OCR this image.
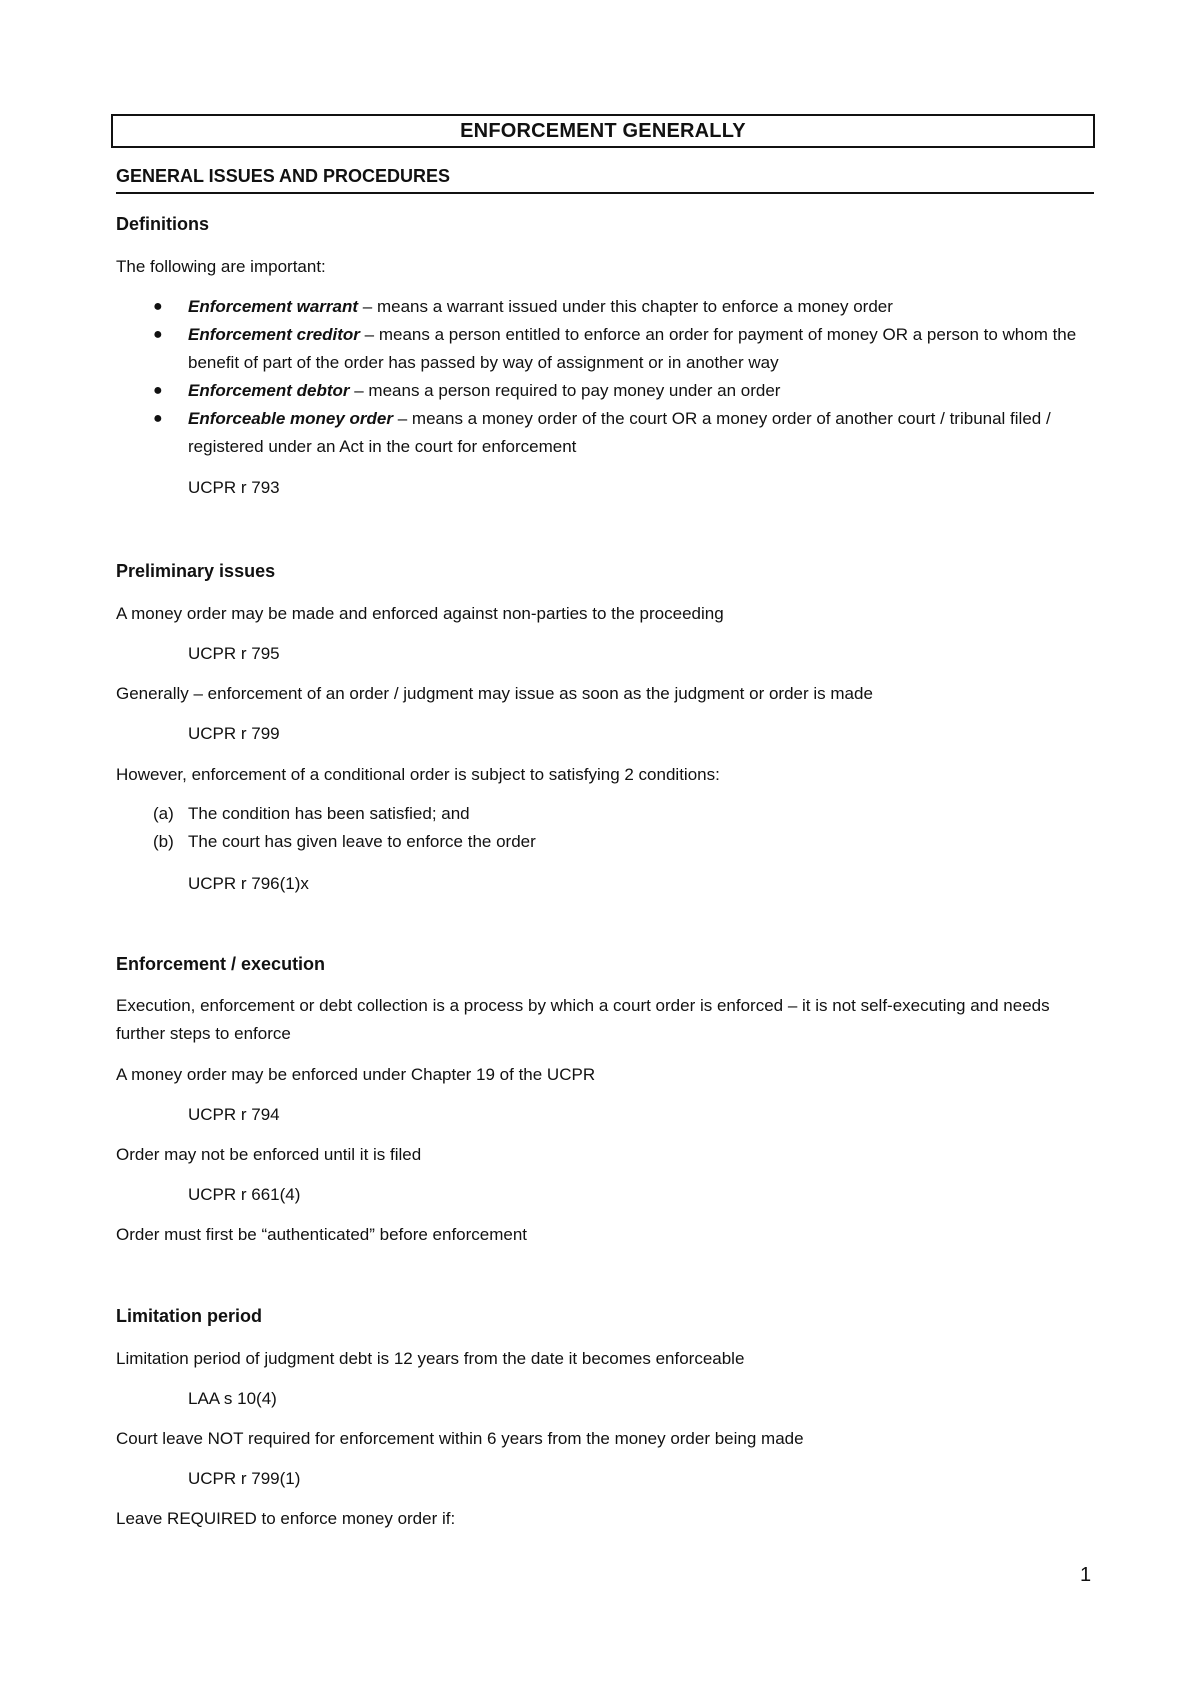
ENFORCEMENT GENERALLY
GENERAL ISSUES AND PROCEDURES
Definitions
The following are important:
● Enforcement warrant – means a warrant issued under this chapter to enforce a money order
● Enforcement creditor – means a person entitled to enforce an order for payment of money OR a person to whom the benefit of part of the order has passed by way of assignment or in another way
● Enforcement debtor – means a person required to pay money under an order
● Enforceable money order – means a money order of the court OR a money order of another court / tribunal filed / registered under an Act in the court for enforcement
UCPR r 793
Preliminary issues
A money order may be made and enforced against non-parties to the proceeding
UCPR r 795
Generally – enforcement of an order / judgment may issue as soon as the judgment or order is made
UCPR r 799
However, enforcement of a conditional order is subject to satisfying 2 conditions:
(a) The condition has been satisfied; and
(b) The court has given leave to enforce the order
UCPR r 796(1)x
Enforcement / execution
Execution, enforcement or debt collection is a process by which a court order is enforced – it is not self-executing and needs further steps to enforce
A money order may be enforced under Chapter 19 of the UCPR
UCPR r 794
Order may not be enforced until it is filed
UCPR r 661(4)
Order must first be “authenticated” before enforcement
Limitation period
Limitation period of judgment debt is 12 years from the date it becomes enforceable
LAA s 10(4)
Court leave NOT required for enforcement within 6 years from the money order being made
UCPR r 799(1)
Leave REQUIRED to enforce money order if:
1
